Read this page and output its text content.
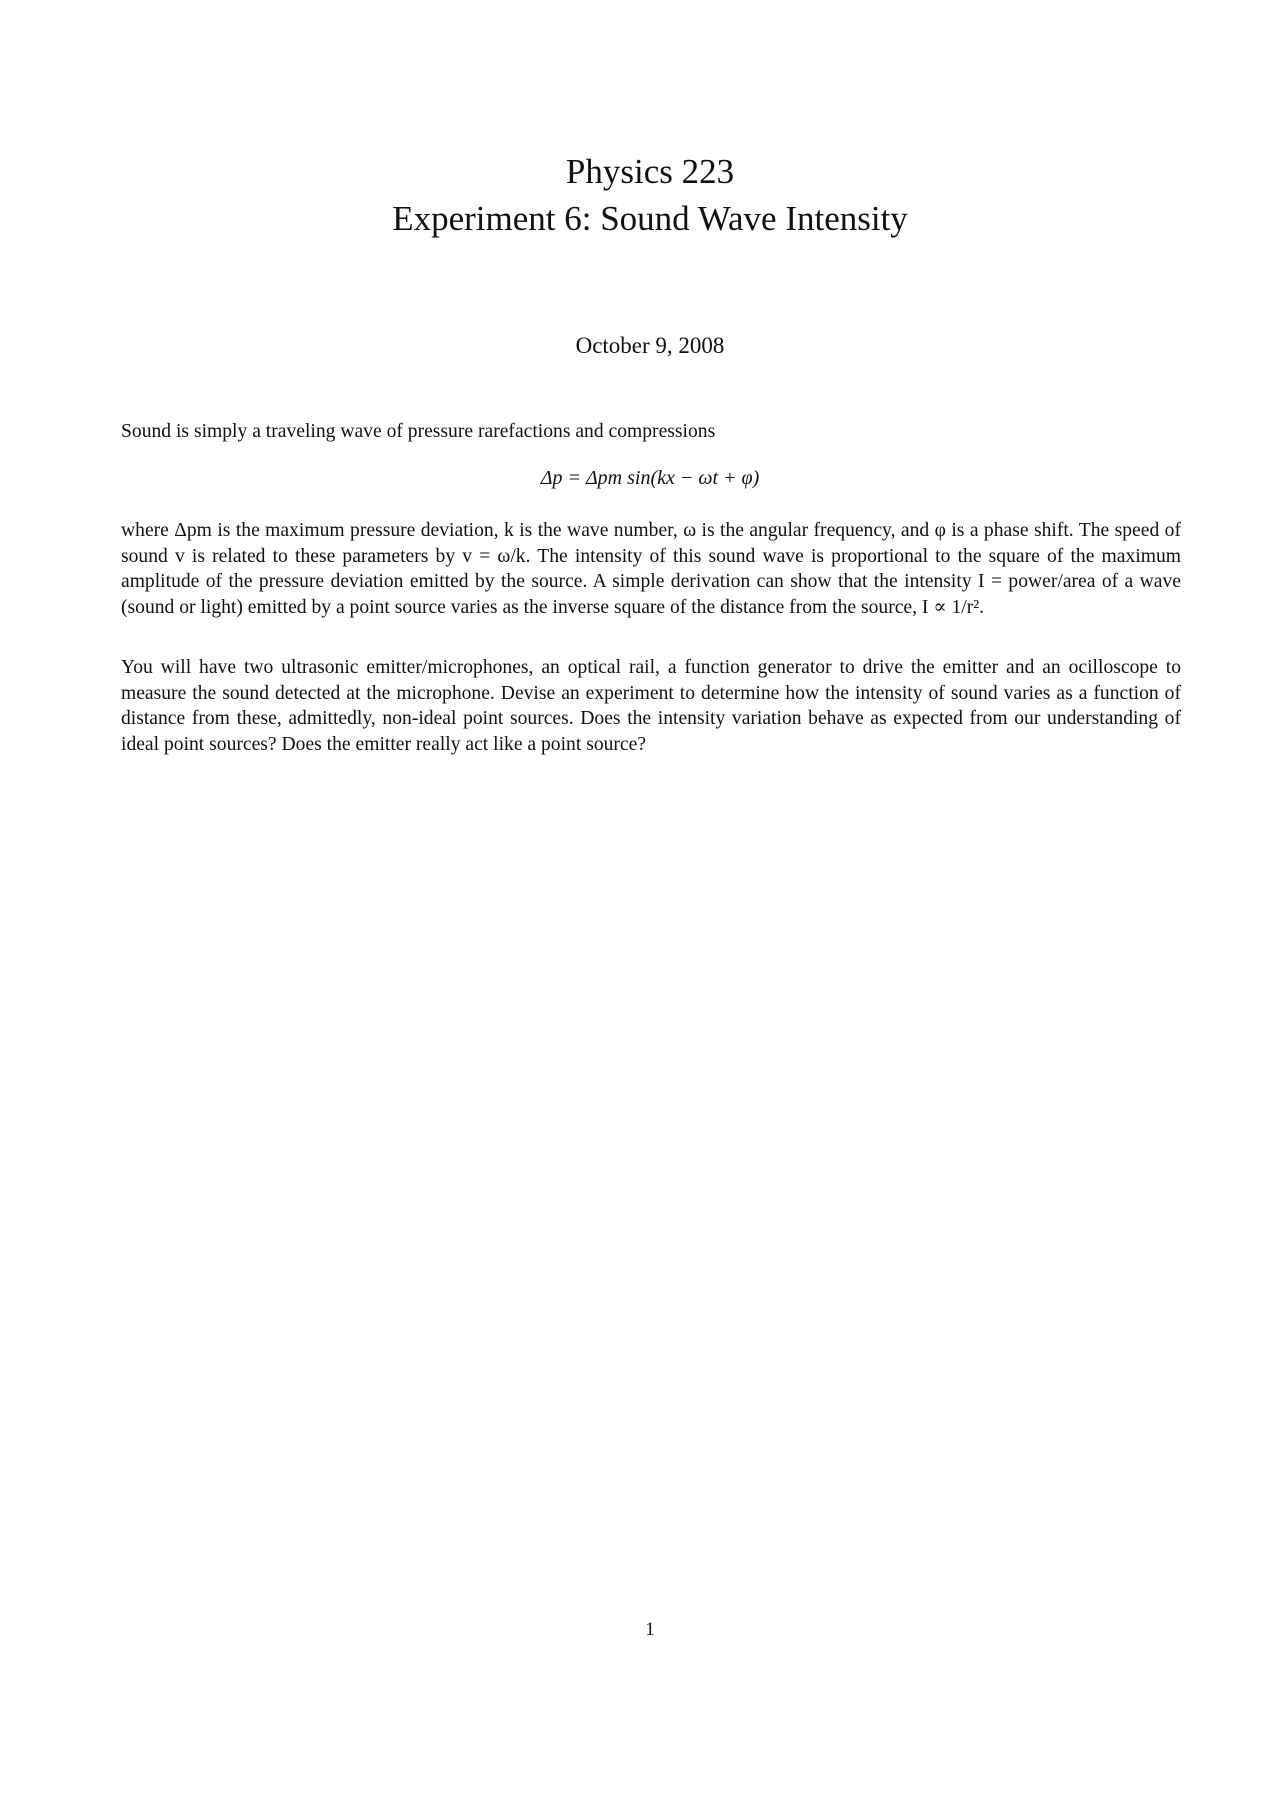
Physics 223
Experiment 6: Sound Wave Intensity
October 9, 2008
Sound is simply a traveling wave of pressure rarefactions and compressions
Δp = Δpm sin(kx − ωt + φ)
where Δpm is the maximum pressure deviation, k is the wave number, ω is the angular frequency, and φ is a phase shift. The speed of sound v is related to these parameters by v = ω/k. The intensity of this sound wave is proportional to the square of the maximum amplitude of the pressure deviation emitted by the source. A simple derivation can show that the intensity I = power/area of a wave (sound or light) emitted by a point source varies as the inverse square of the distance from the source, I ∝ 1/r².
You will have two ultrasonic emitter/microphones, an optical rail, a function generator to drive the emitter and an ocilloscope to measure the sound detected at the microphone. Devise an experiment to determine how the intensity of sound varies as a function of distance from these, admittedly, non-ideal point sources. Does the intensity variation behave as expected from our understanding of ideal point sources? Does the emitter really act like a point source?
1
